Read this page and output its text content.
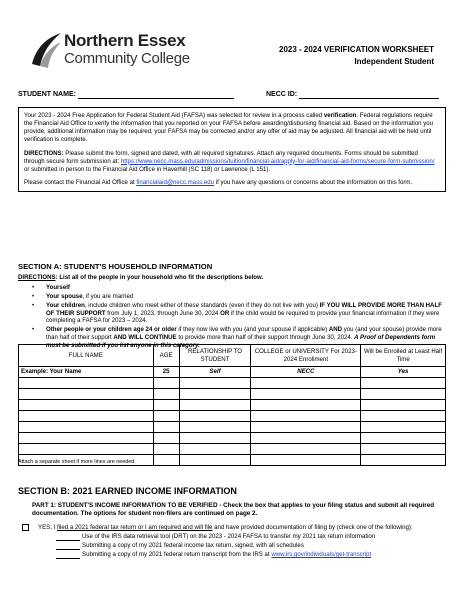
Northern Essex
Community College
2023 - 2024 VERIFICATION WORKSHEET
Independent Student
STUDENT NAME:	NECC ID:

Your 2023 - 2024 Free Application for Federal Student Aid (FAFSA) was selected for review in a process called verification. Federal regulations require the Financial Aid Office to verify the information that you reported on your FAFSA before awarding/disbursing financial aid. Based on the information you provide, additional information may be required, your FAFSA may be corrected and/or any offer of aid may be adjusted. All financial aid will be held until verification is complete.

DIRECTIONS: Please submit the form, signed and dated, with all required signatures. Attach any required documents. Forms should be submitted through secure form submission at: https://www.necc.mass.edu/admissions/tuition/financial-aid/apply-for-aid/financial-aid-forms/secure-form-submission/ or submitted in person to the Financial Aid Office in Haverhill (SC 118) or Lawrence (L 151).

Please contact the Financial Aid Office at financialaid@necc.mass.edu if you have any questions or concerns about the information on this form.

SECTION A: STUDENT'S HOUSEHOLD INFORMATION
DIRECTIONS: List all of the people in your household who fit the descriptions below.
• Yourself
• Your spouse, if you are married
• Your children, include children who meet either of these standards (even if they do not live with you) IF YOU WILL PROVIDE MORE THAN HALF OF THEIR SUPPORT from July 1, 2023, through June 30, 2024 OR if the child would be required to provide your financial information if they were completing a FAFSA for 2023 – 2024.
• Other people or your children age 24 or older if they now live with you (and your spouse if applicable) AND you (and your spouse) provide more than half of their support AND WILL CONTINUE to provide more than half of their support through June 30, 2024. A Proof of Dependents form must be submitted if you list anyone in this category.
FULL NAME	AGE	RELATIONSHIP TO STUDENT	COLLEGE or UNIVERSITY For 2023-2024 Enrollment	Will be Enrolled at Least Half Time
Example: Your Name	25	Self	NECC	Yes

Attach a separate sheet if more lines are needed.
SECTION B: 2021 EARNED INCOME INFORMATION
PART 1: STUDENT'S INCOME INFORMATION TO BE VERIFIED - Check the box that applies to your filing status and submit all required documentation. The options for student non-filers are continued on page 2.
YES, I filed a 2021 federal tax return or I am required and will file and have provided documentation of filing by (check one of the following):
Use of the IRS data retrieval tool (DRT) on the 2023 - 2024 FAFSA to transfer my 2021 tax return information
Submitting a copy of my 2021 federal income tax return, signed, with all schedules
Submitting a copy of my 2021 federal return transcript from the IRS at www.irs.gov/individuals/get-transcript
